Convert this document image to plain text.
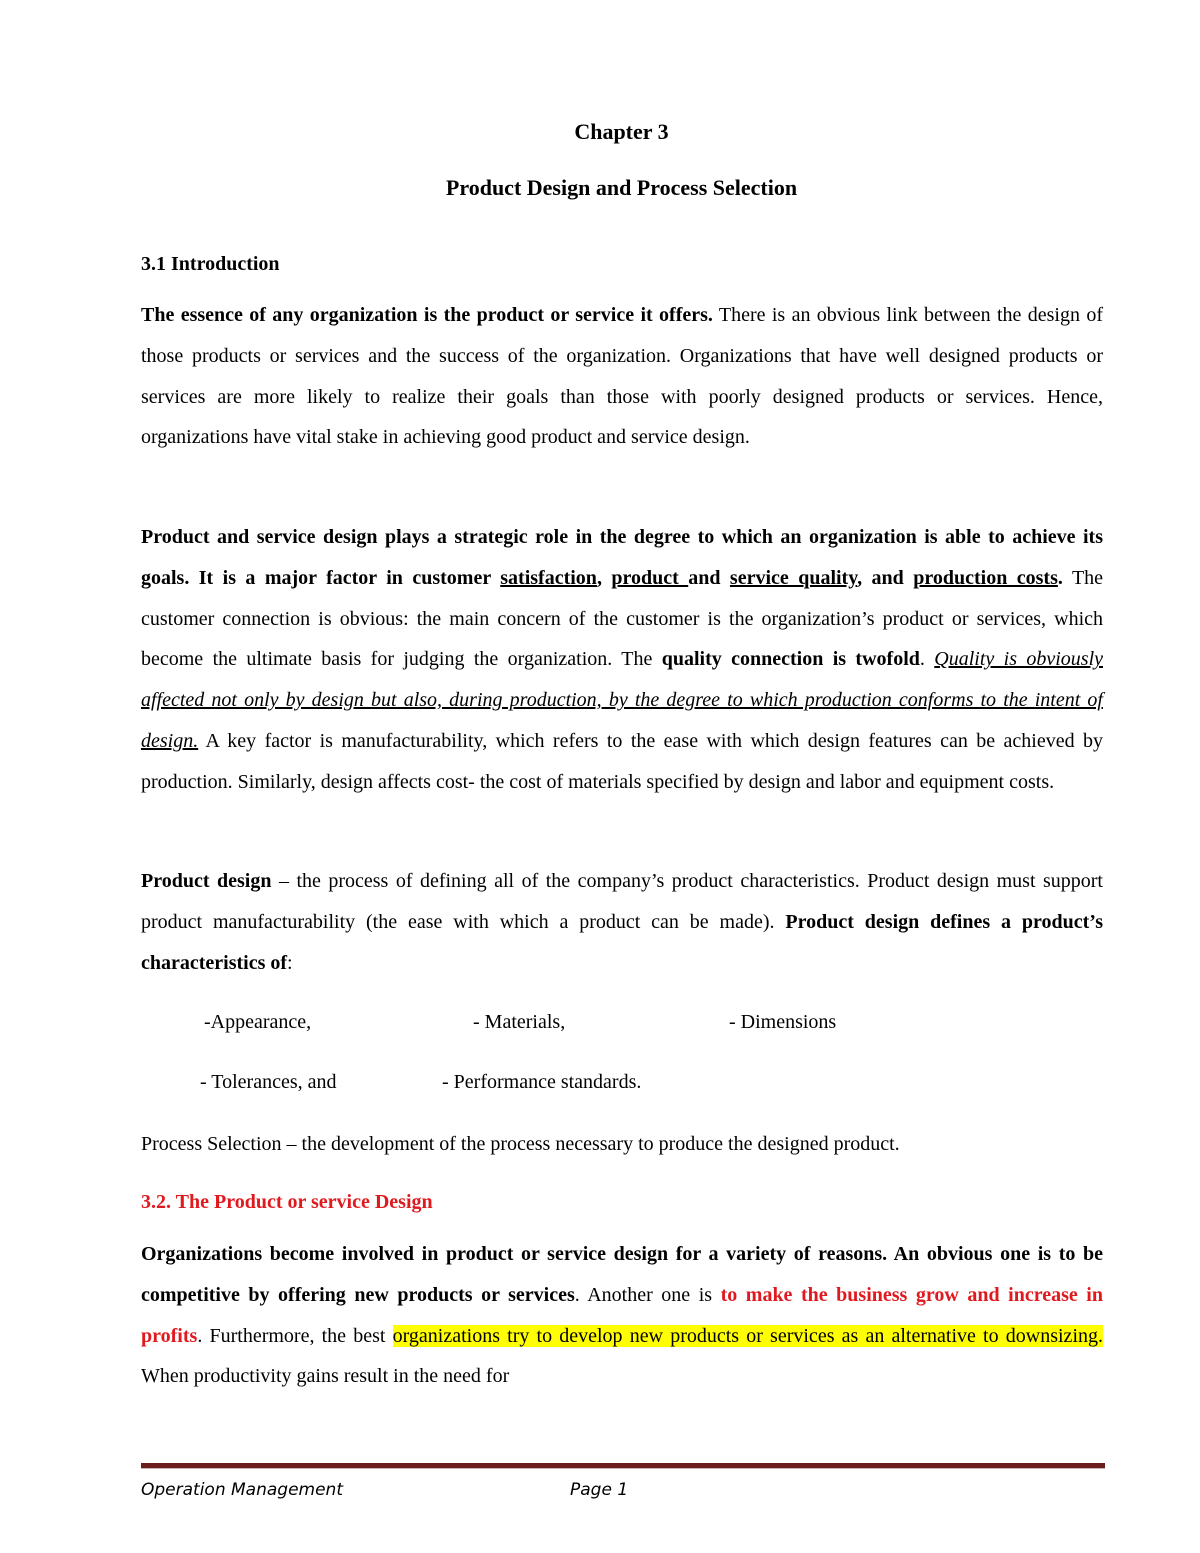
Chapter 3
Product Design and Process Selection
3.1 Introduction
The essence of any organization is the product or service it offers. There is an obvious link between the design of those products or services and the success of the organization. Organizations that have well designed products or services are more likely to realize their goals than those with poorly designed products or services. Hence, organizations have vital stake in achieving good product and service design.
Product and service design plays a strategic role in the degree to which an organization is able to achieve its goals. It is a major factor in customer satisfaction, product and service quality, and production costs. The customer connection is obvious: the main concern of the customer is the organization’s product or services, which become the ultimate basis for judging the organization. The quality connection is twofold. Quality is obviously affected not only by design but also, during production, by the degree to which production conforms to the intent of design. A key factor is manufacturability, which refers to the ease with which design features can be achieved by production. Similarly, design affects cost- the cost of materials specified by design and labor and equipment costs.
Product design – the process of defining all of the company’s product characteristics. Product design must support product manufacturability (the ease with which a product can be made). Product design defines a product’s characteristics of:
-Appearance,	- Materials,	- Dimensions
- Tolerances, and	- Performance standards.
Process Selection – the development of the process necessary to produce the designed product.
3.2. The Product or service Design
Organizations become involved in product or service design for a variety of reasons. An obvious one is to be competitive by offering new products or services. Another one is to make the business grow and increase in profits. Furthermore, the best organizations try to develop new products or services as an alternative to downsizing. When productivity gains result in the need for
Operation Management	Page 1
